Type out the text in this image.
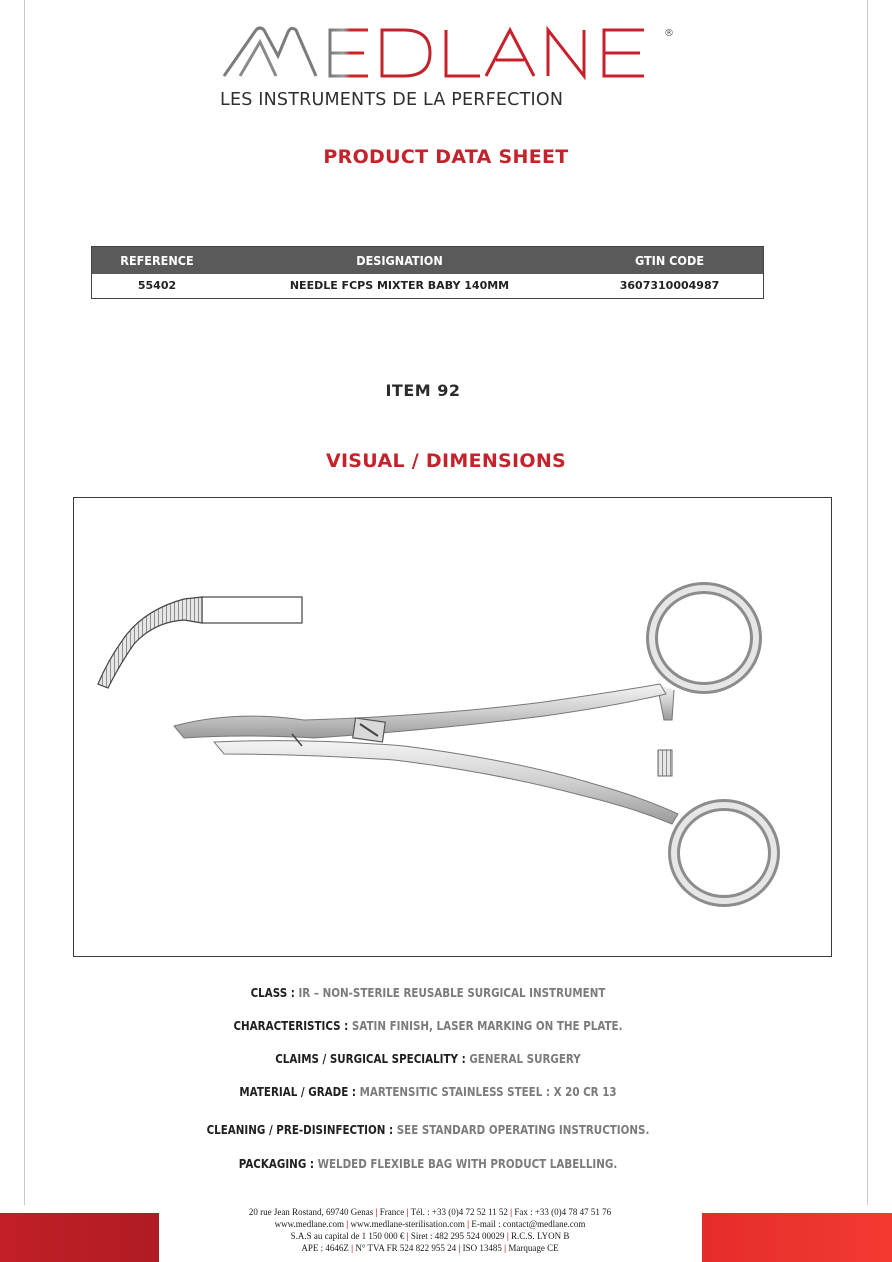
®
LES INSTRUMENTS DE LA PERFECTION
PRODUCT DATA SHEET
REFERENCE	DESIGNATION	GTIN CODE
55402	NEEDLE FCPS MIXTER BABY 140MM	3607310004987
ITEM 92
VISUAL / DIMENSIONS
CLASS : IR – NON-STERILE REUSABLE SURGICAL INSTRUMENT
CHARACTERISTICS : SATIN FINISH, LASER MARKING ON THE PLATE.
CLAIMS / SURGICAL SPECIALITY : GENERAL SURGERY
MATERIAL / GRADE : MARTENSITIC STAINLESS STEEL : X 20 CR 13
CLEANING / PRE-DISINFECTION : SEE STANDARD OPERATING INSTRUCTIONS.
PACKAGING : WELDED FLEXIBLE BAG WITH PRODUCT LABELLING.
20 rue Jean Rostand, 69740 Genas | France | Tél. : +33 (0)4 72 52 11 52 | Fax : +33 (0)4 78 47 51 76
www.medlane.com | www.medlane-sterilisation.com | E-mail : contact@medlane.com
S.A.S au capital de 1 150 000 € | Siret : 482 295 524 00029 | R.C.S. LYON B
APE : 4646Z | N° TVA FR 524 822 955 24 | ISO 13485 | Marquage CE
